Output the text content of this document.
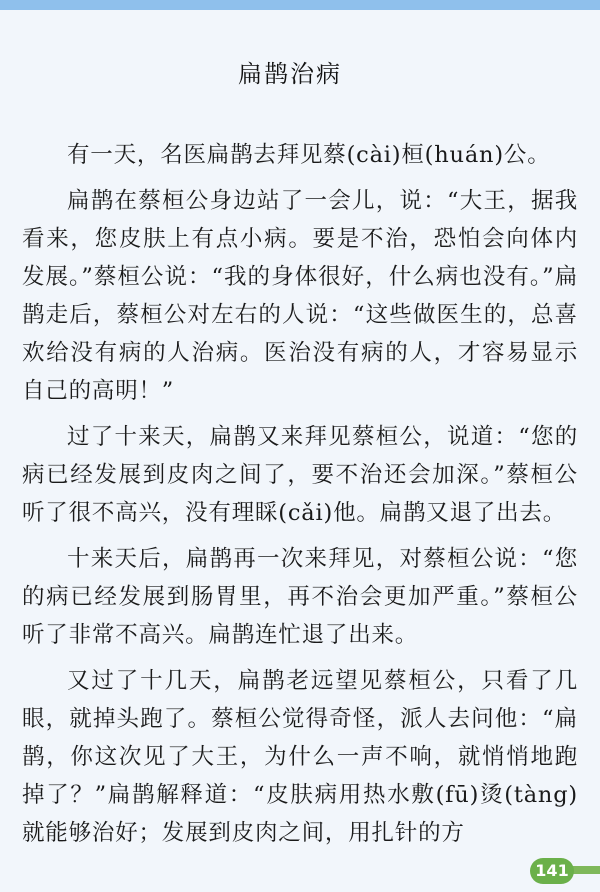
扁鹊治病

有一天，名医扁鹊去拜见蔡(cài)桓(huán)公。

扁鹊在蔡桓公身边站了一会儿，说：“大王，据我看来，您皮肤上有点小病。要是不治，恐怕会向体内发展。”蔡桓公说：“我的身体很好，什么病也没有。”扁鹊走后，蔡桓公对左右的人说：“这些做医生的，总喜欢给没有病的人治病。医治没有病的人，才容易显示自己的高明！”

过了十来天，扁鹊又来拜见蔡桓公，说道：“您的病已经发展到皮肉之间了，要不治还会加深。”蔡桓公听了很不高兴，没有理睬(cǎi)他。扁鹊又退了出去。

十来天后，扁鹊再一次来拜见，对蔡桓公说：“您的病已经发展到肠胃里，再不治会更加严重。”蔡桓公听了非常不高兴。扁鹊连忙退了出来。

又过了十几天，扁鹊老远望见蔡桓公，只看了几眼，就掉头跑了。蔡桓公觉得奇怪，派人去问他：“扁鹊，你这次见了大王，为什么一声不响，就悄悄地跑掉了？”扁鹊解释道：“皮肤病用热水敷(fū)烫(tàng)就能够治好；发展到皮肉之间，用扎针的方

141
